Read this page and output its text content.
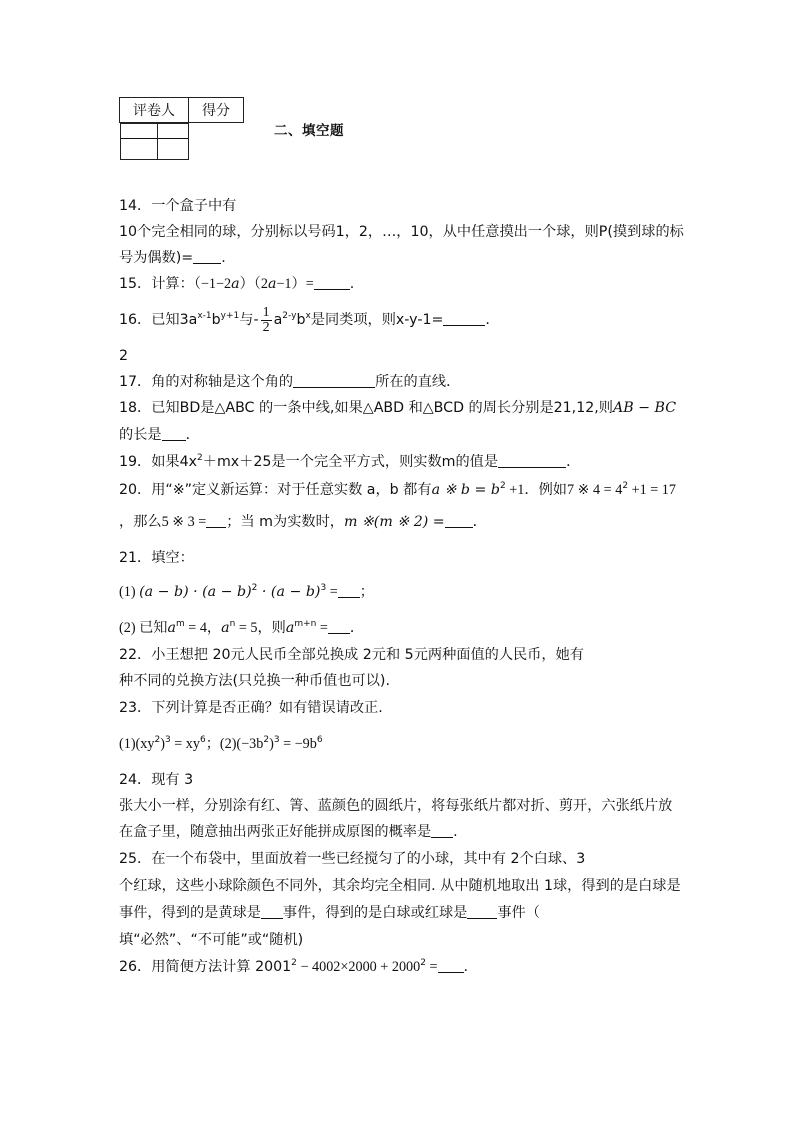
评卷人	得分

二、填空题
14．一个盒子中有
10个完全相同的球，分别标以号码1，2，…，10，从中任意摸出一个球，则P(摸到球的标
号为偶数)= .
15．计算：（−1−2a）（2a−1）=	.
16．已知$3a^{x-1}b^{y+1}$与- $\frac{1}{2} a^{2-y}b^x$是同类项，则x-y-1=	.
2
17．角的对称轴是这个角的	所在的直线．
18．已知BD是△ABC 的一条中线,如果△ABD 和△BCD 的周长分别是21,12,则AB − BC
的长是 ．
19．如果$4x^2+mx+25$是一个完全平方式，则实数m的值是	．
20．用“※”定义新运算：对于任意实数 a，b 都有a ※ $b = b^2 +1$．例如7 ※ $4 = 4^2 +1 = 17$
，那么5 ※ 3 = ；当 m为实数时，m ※(m ※ 2) = ．
21．填空：
(1) $(a - b) \cdot (a - b)^2 \cdot (a - b)^3$ = ；
(2) 已知$a^m = 4$，$a^n = 5$，则$a^{m+n}$ = ．
22．小王想把 20元人民币全部兑换成 2元和 5元两种面值的人民币，她有
种不同的兑换方法(只兑换一种币值也可以).
23．下列计算是否正确？如有错误请改正.
$(1)(xy^2)^3 = xy^6$；$(2)(-3b^2)^3 = -9b^6$
24．现有 3
张大小一样，分别涂有红、箐、蓝颜色的圆纸片，将每张纸片都对折、剪开，六张纸片放
在盒子里，随意抽出两张正好能拼成原图的概率是 .
25．在一个布袋中，里面放着一些已经搅匀了的小球，其中有 2个白球、3
个红球，这些小球除颜色不同外，其余均完全相同. 从中随机地取出 1球，得到的是白球是
事件，得到的是黄球是 事件，得到的是白球或红球是 事件（
填“必然”、“不可能”或“随机)
26．用简便方法计算 $2001^2 - 4002\times 2000 + 2000^2$ = .
